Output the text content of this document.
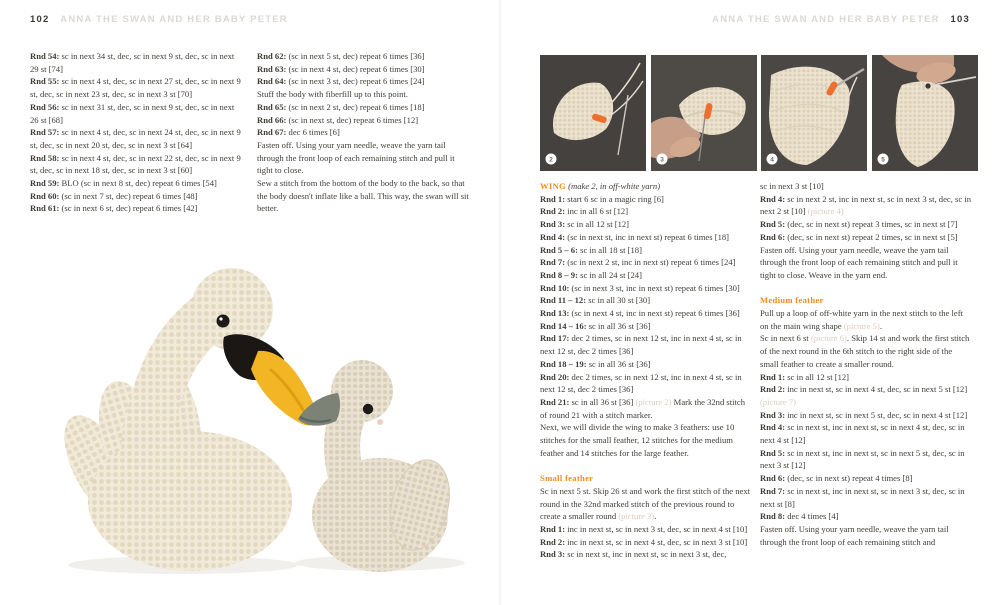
102 ANNA THE SWAN AND HER BABY PETER	ANNA THE SWAN AND HER BABY PETER 103

Rnd 54: sc in next 34 st, dec, sc in next 9 st, dec, sc in next 29 st [74]

Rnd 55: sc in next 4 st, dec, sc in next 27 st, dec, sc in next 9 st, dec, sc in next 23 st, dec, sc in next 3 st [70]

Rnd 56: sc in next 31 st, dec, sc in next 9 st, dec, sc in next 26 st [68]

Rnd 57: sc in next 4 st, dec, sc in next 24 st, dec, sc in next 9 st, dec, sc in next 20 st, dec, sc in next 3 st [64]

Rnd 58: sc in next 4 st, dec, sc in next 22 st, dec, sc in next 9 st, dec, sc in next 18 st, dec, sc in next 3 st [60]

Rnd 59: BLO (sc in next 8 st, dec) repeat 6 times [54]

Rnd 60: (sc in next 7 st, dec) repeat 6 times [48]

Rnd 61: (sc in next 6 st, dec) repeat 6 times [42]

Rnd 62: (sc in next 5 st, dec) repeat 6 times [36]

Rnd 63: (sc in next 4 st, dec) repeat 6 times [30]

Rnd 64: (sc in next 3 st, dec) repeat 6 times [24]

Stuff the body with fiberfill up to this point.

Rnd 65: (sc in next 2 st, dec) repeat 6 times [18]

Rnd 66: (sc in next st, dec) repeat 6 times [12]

Rnd 67: dec 6 times [6]

Fasten off. Using your yarn needle, weave the yarn tail through the front loop of each remaining stitch and pull it tight to close.

Sew a stitch from the bottom of the body to the back, so that the body doesn't inflate like a ball. This way, the swan will sit better.

2	3	4	5

WING (make 2, in off-white yarn)

Rnd 1: start 6 sc in a magic ring [6]

Rnd 2: inc in all 6 st [12]

Rnd 3: sc in all 12 st [12]

Rnd 4: (sc in next st, inc in next st) repeat 6 times [18]

Rnd 5 – 6: sc in all 18 st [18]

Rnd 7: (sc in next 2 st, inc in next st) repeat 6 times [24]

Rnd 8 – 9: sc in all 24 st [24]

Rnd 10: (sc in next 3 st, inc in next st) repeat 6 times [30]

Rnd 11 – 12: sc in all 30 st [30]

Rnd 13: (sc in next 4 st, inc in next st) repeat 6 times [36]

Rnd 14 – 16: sc in all 36 st [36]

Rnd 17: dec 2 times, sc in next 12 st, inc in next 4 st, sc in next 12 st, dec 2 times [36]

Rnd 18 – 19: sc in all 36 st [36]

Rnd 20: dec 2 times, sc in next 12 st, inc in next 4 st, sc in next 12 st, dec 2 times [36]

Rnd 21: sc in all 36 st [36] (picture 2) Mark the 32nd stitch of round 21 with a stitch marker.

Next, we will divide the wing to make 3 feathers: use 10 stitches for the small feather, 12 stitches for the medium feather and 14 stitches for the large feather.

Small feather

Sc in next 5 st. Skip 26 st and work the first stitch of the next round in the 32nd marked stitch of the previous round to create a smaller round (picture 3).

Rnd 1: inc in next st, sc in next 3 st, dec, sc in next 4 st [10]

Rnd 2: inc in next st, sc in next 4 st, dec, sc in next 3 st [10]

Rnd 3: sc in next st, inc in next st, sc in next 3 st, dec,

sc in next 3 st [10]

Rnd 4: sc in next 2 st, inc in next st, sc in next 3 st, dec, sc in next 2 st [10] (picture 4)

Rnd 5: (dec, sc in next st) repeat 3 times, sc in next st [7]

Rnd 6: (dec, sc in next st) repeat 2 times, sc in next st [5]

Fasten off. Using your yarn needle, weave the yarn tail through the front loop of each remaining stitch and pull it tight to close. Weave in the yarn end.

Medium feather

Pull up a loop of off-white yarn in the next stitch to the left on the main wing shape (picture 5).

Sc in next 6 st (picture 6). Skip 14 st and work the first stitch of the next round in the 6th stitch to the right side of the small feather to create a smaller round.

Rnd 1: sc in all 12 st [12]

Rnd 2: inc in next st, sc in next 4 st, dec, sc in next 5 st [12] (picture 7)

Rnd 3: inc in next st, sc in next 5 st, dec, sc in next 4 st [12]

Rnd 4: sc in next st, inc in next st, sc in next 4 st, dec, sc in next 4 st [12]

Rnd 5: sc in next st, inc in next st, sc in next 5 st, dec, sc in next 3 st [12]

Rnd 6: (dec, sc in next st) repeat 4 times [8]

Rnd 7: sc in next st, inc in next st, sc in next 3 st, dec, sc in next st [8]

Rnd 8: dec 4 times [4]

Fasten off. Using your yarn needle, weave the yarn tail through the front loop of each remaining stitch and
